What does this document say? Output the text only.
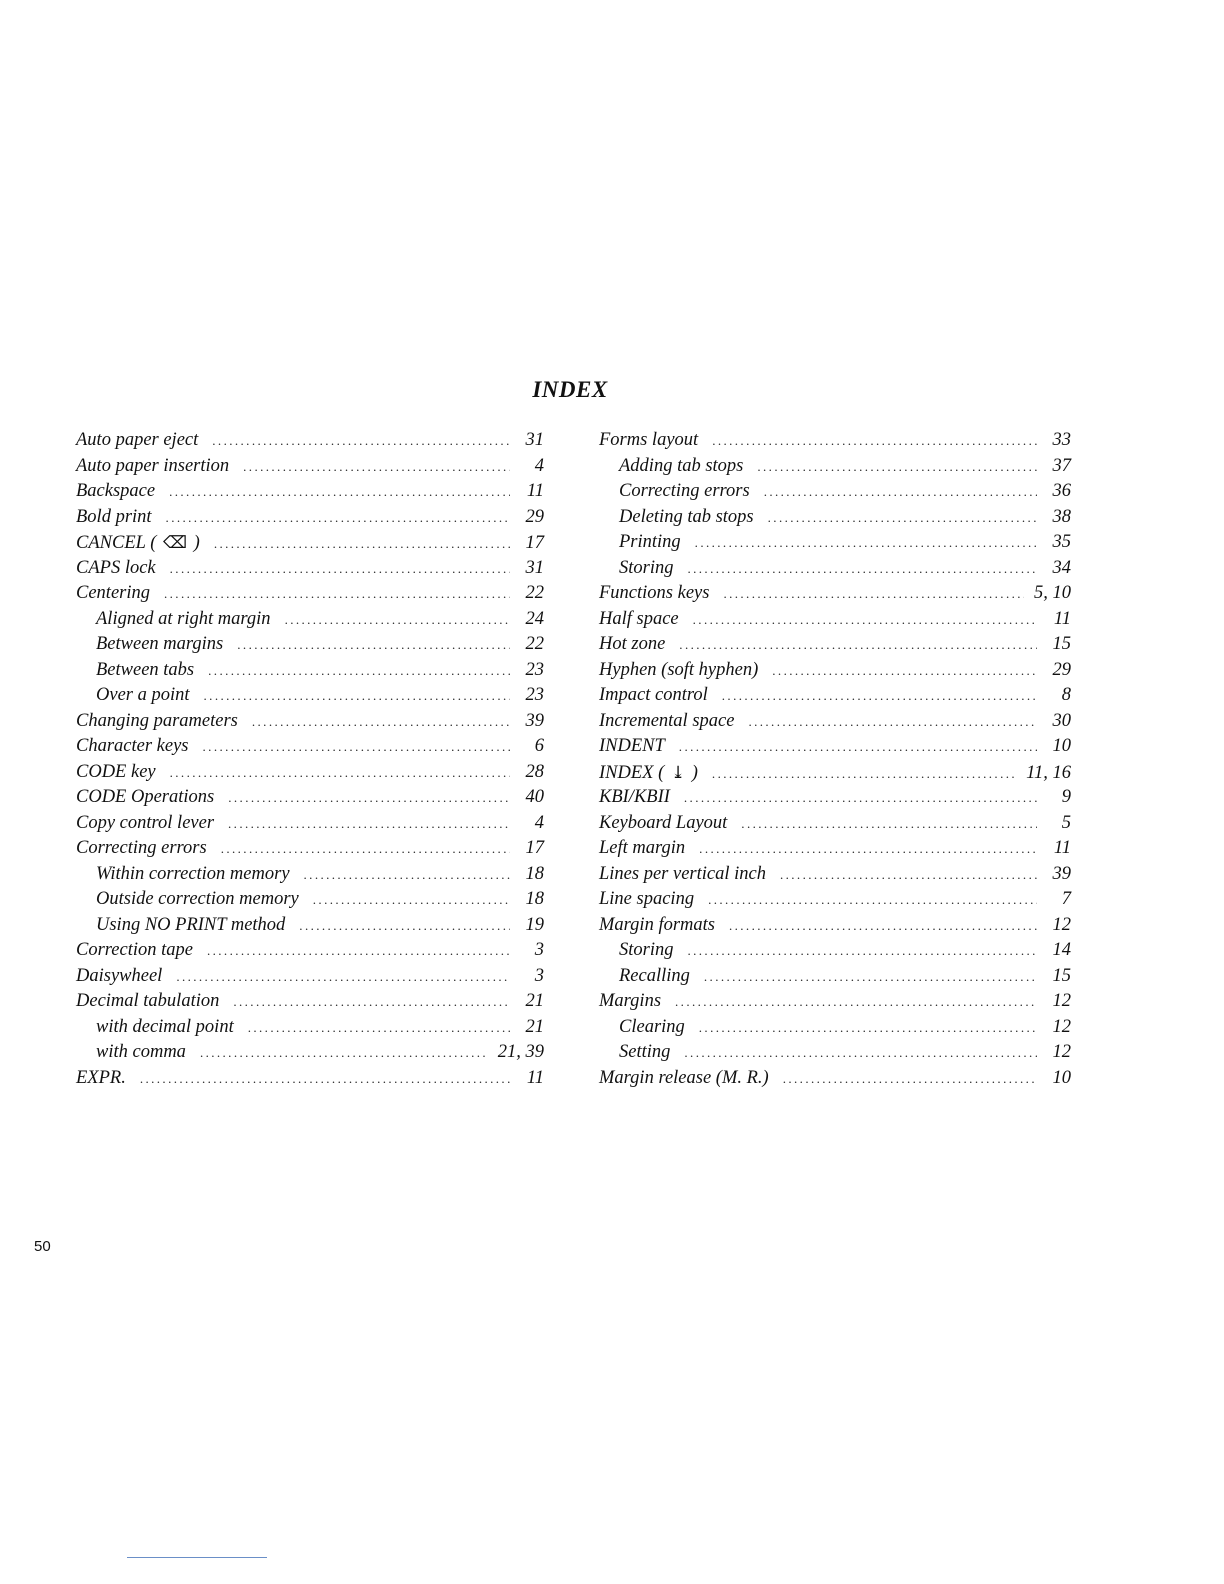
INDEX
Auto paper eject .....	31
Auto paper insertion .....	4
Backspace .....	11
Bold print .....	29
CANCEL ( ⌫ ) .....	17
CAPS lock .....	31
Centering .....	22
Aligned at right margin .....	24
Between margins .....	22
Between tabs .....	23
Over a point .....	23
Changing parameters .....	39
Character keys .....	6
CODE key .....	28
CODE Operations .....	40
Copy control lever .....	4
Correcting errors .....	17
Within correction memory .....	18
Outside correction memory .....	18
Using NO PRINT method .....	19
Correction tape .....	3
Daisywheel .....	3
Decimal tabulation .....	21
with decimal point .....	21
with comma .....	21, 39
EXPR. .....	11
Forms layout .....	33
Adding tab stops .....	37
Correcting errors .....	36
Deleting tab stops .....	38
Printing .....	35
Storing .....	34
Functions keys .....	5, 10
Half space .....	11
Hot zone .....	15
Hyphen (soft hyphen) .....	29
Impact control .....	8
Incremental space .....	30
INDENT .....	10
INDEX ( ⤓ ) .....	11, 16
KBI/KBII .....	9
Keyboard Layout .....	5
Left margin .....	11
Lines per vertical inch .....	39
Line spacing .....	7
Margin formats .....	12
Storing .....	14
Recalling .....	15
Margins .....	12
Clearing .....	12
Setting .....	12
Margin release (M. R.) .....	10
50
